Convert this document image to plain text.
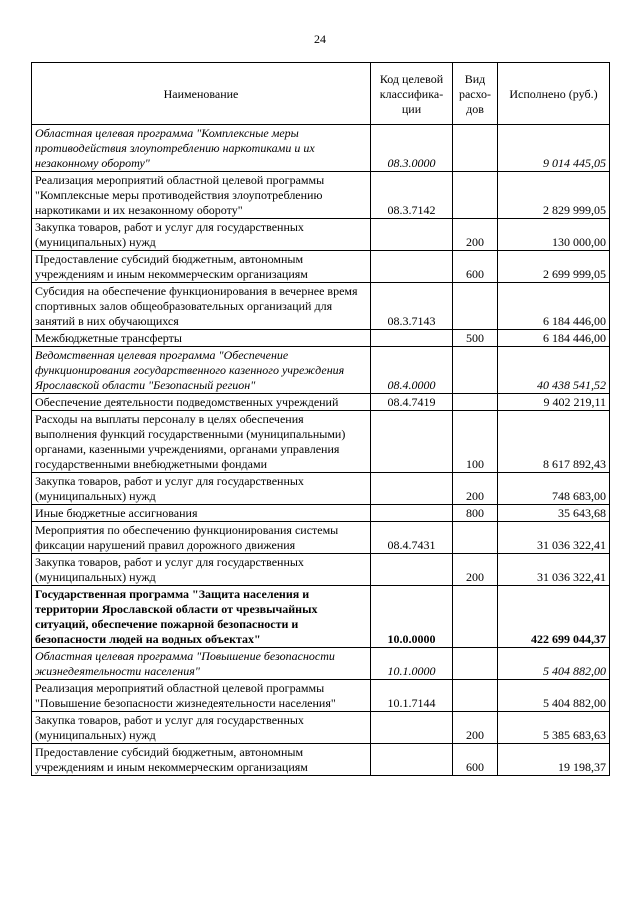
24
Наименование	Код целевой классифика-ции	Вид расхо-дов	Исполнено (руб.)
Областная целевая программа "Комплексные меры противодействия злоупотреблению наркотиками и их незаконному обороту"	08.3.0000		9 014 445,05
Реализация мероприятий областной целевой программы "Комплексные меры противодействия злоупотреблению наркотиками и их незаконному обороту"	08.3.7142		2 829 999,05
Закупка товаров, работ и услуг для государственных (муниципальных) нужд		200	130 000,00
Предоставление субсидий бюджетным, автономным учреждениям и иным некоммерческим организациям		600	2 699 999,05
Субсидия на обеспечение функционирования в вечернее время спортивных залов общеобразовательных организаций для занятий в них обучающихся	08.3.7143		6 184 446,00
Межбюджетные трансферты		500	6 184 446,00
Ведомственная целевая программа "Обеспечение функционирования государственного казенного учреждения Ярославской области "Безопасный регион"	08.4.0000		40 438 541,52
Обеспечение деятельности подведомственных учреждений	08.4.7419		9 402 219,11
Расходы на выплаты персоналу в целях обеспечения выполнения функций государственными (муниципальными) органами, казенными учреждениями, органами управления государственными внебюджетными фондами		100	8 617 892,43
Закупка товаров, работ и услуг для государственных (муниципальных) нужд		200	748 683,00
Иные бюджетные ассигнования		800	35 643,68
Мероприятия по обеспечению функционирования системы фиксации нарушений правил дорожного движения	08.4.7431		31 036 322,41
Закупка товаров, работ и услуг для государственных (муниципальных) нужд		200	31 036 322,41
Государственная программа "Защита населения и территории Ярославской области от чрезвычайных ситуаций, обеспечение пожарной безопасности и безопасности людей на водных объектах"	10.0.0000		422 699 044,37
Областная целевая программа "Повышение безопасности жизнедеятельности населения"	10.1.0000		5 404 882,00
Реализация мероприятий областной целевой программы "Повышение безопасности жизнедеятельности населения"	10.1.7144		5 404 882,00
Закупка товаров, работ и услуг для государственных (муниципальных) нужд		200	5 385 683,63
Предоставление субсидий бюджетным, автономным учреждениям и иным некоммерческим организациям		600	19 198,37
